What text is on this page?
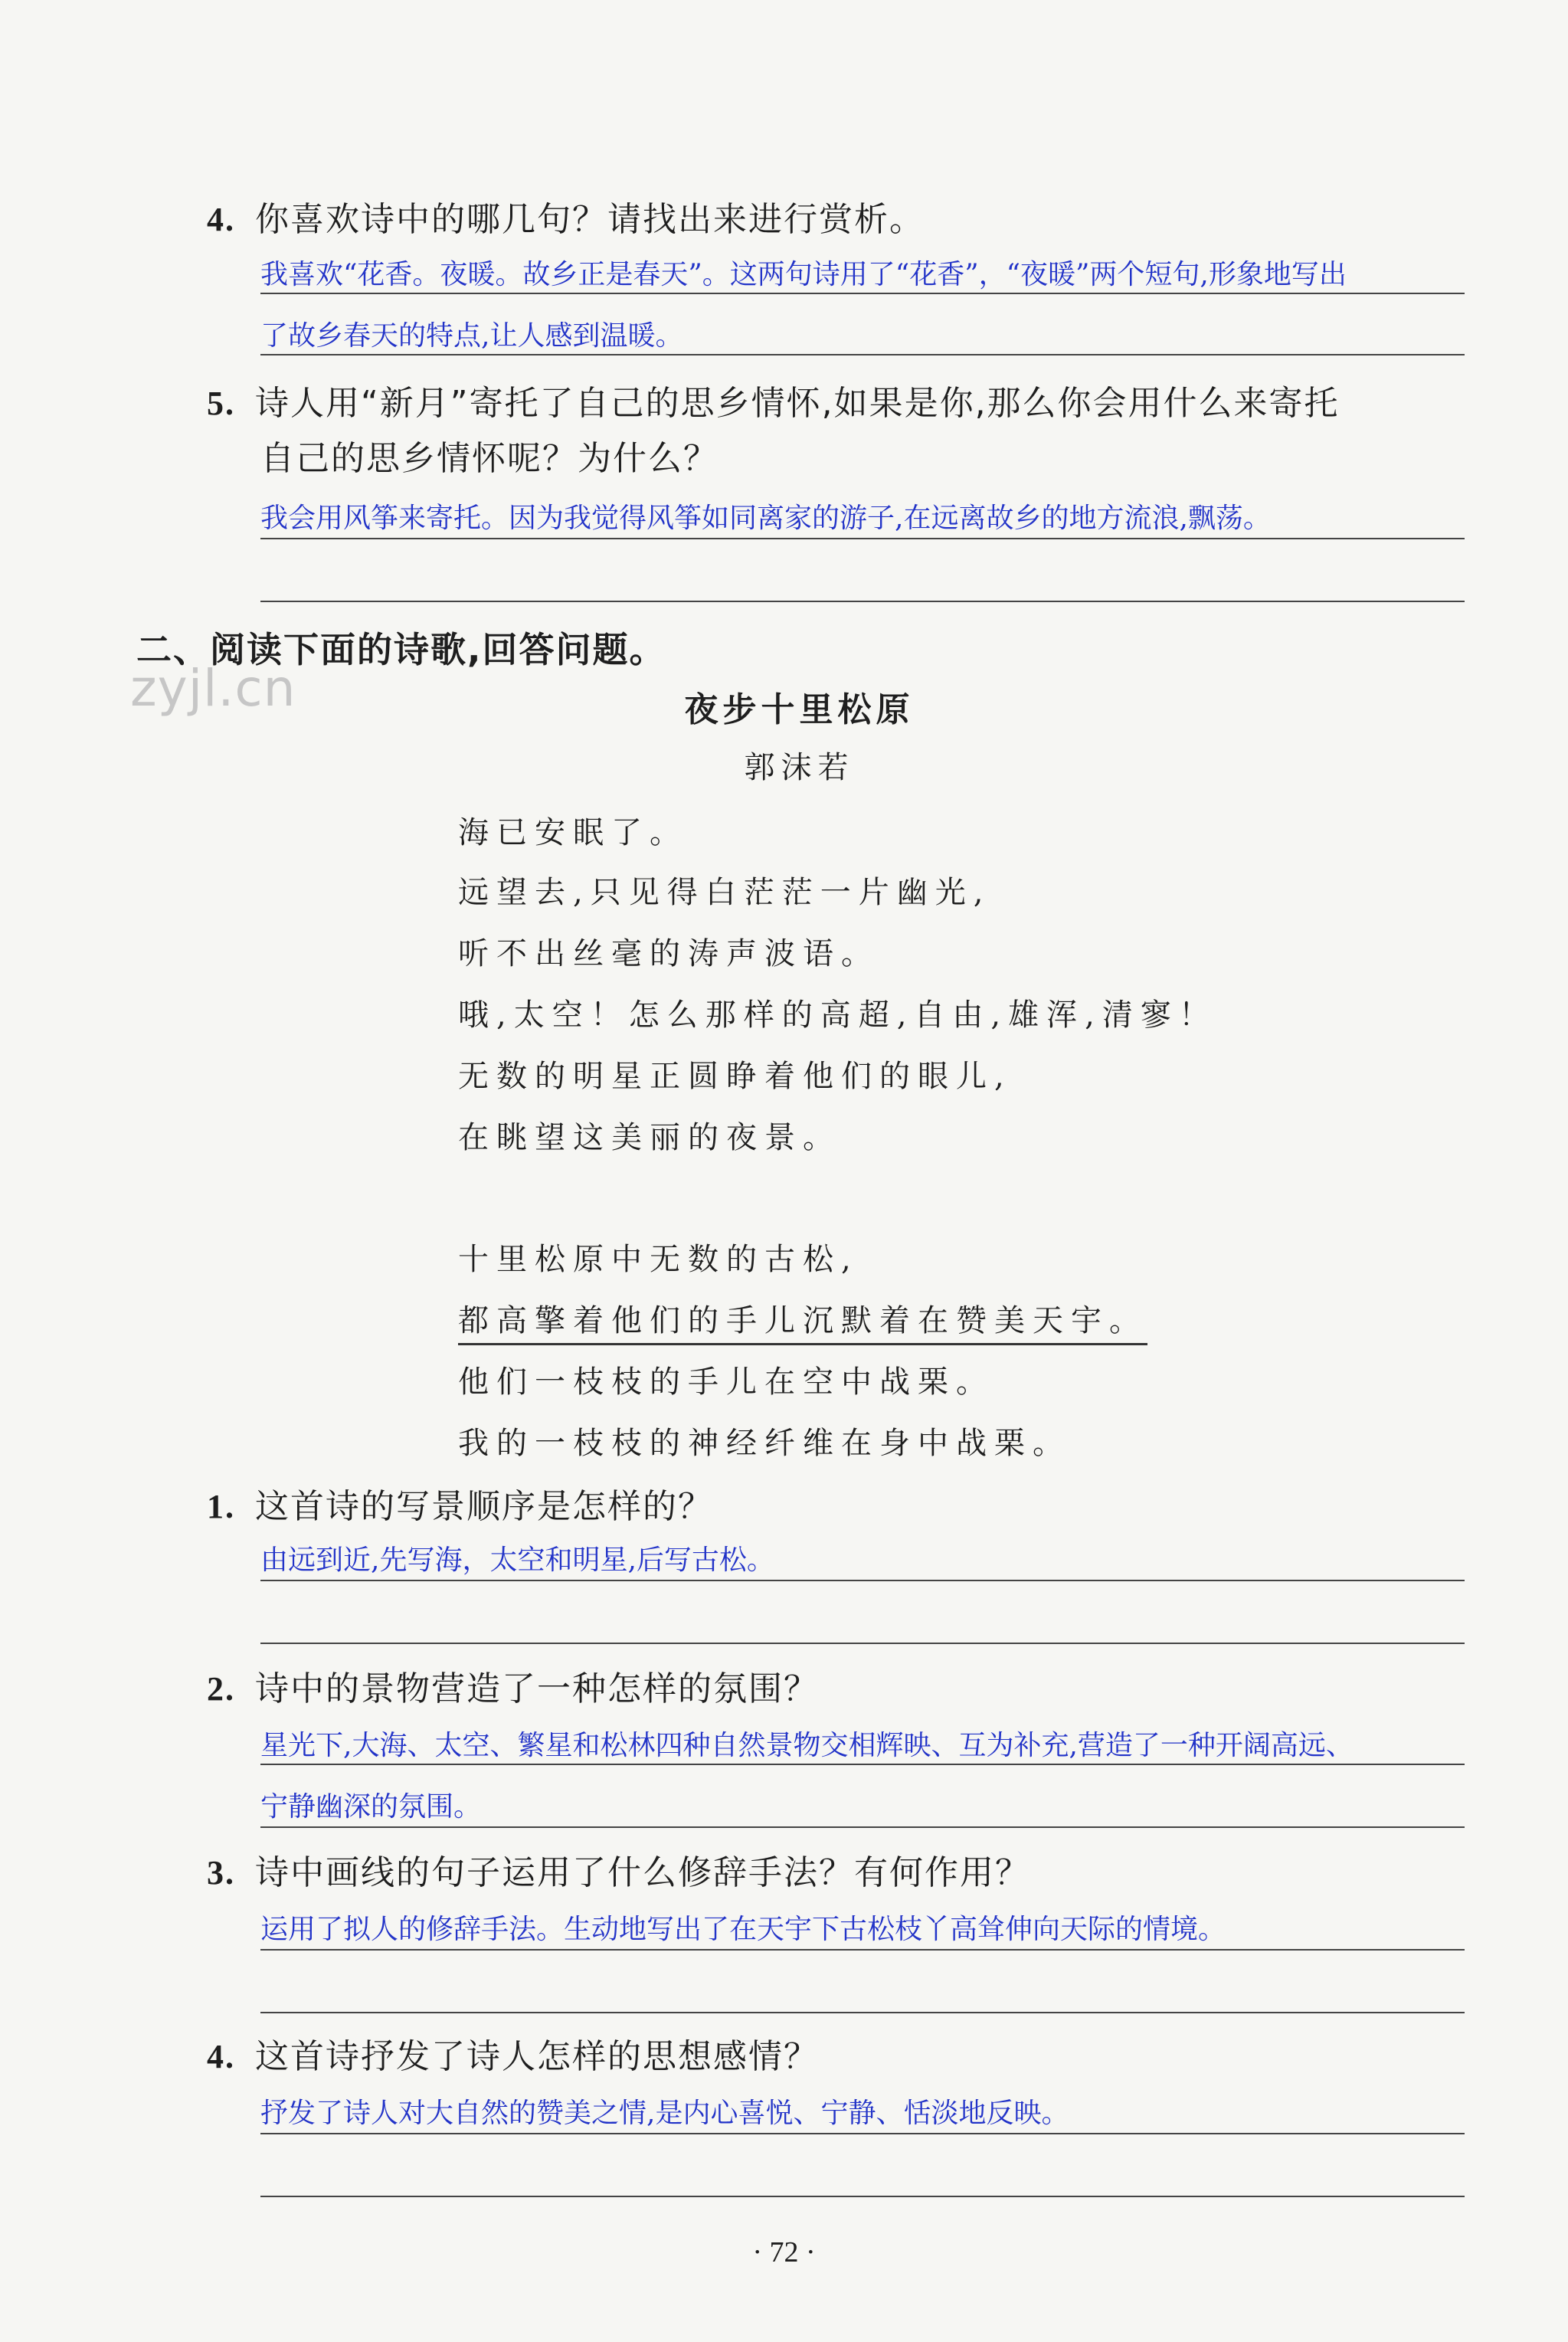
4. 你喜欢诗中的哪几句？请找出来进行赏析。
我喜欢“花香。夜暖。故乡正是春天”。这两句诗用了“花香”，“夜暖”两个短句,形象地写出
了故乡春天的特点,让人感到温暖。
5. 诗人用“新月”寄托了自己的思乡情怀,如果是你,那么你会用什么来寄托
自己的思乡情怀呢？为什么？
我会用风筝来寄托。因为我觉得风筝如同离家的游子,在远离故乡的地方流浪,飘荡。
二、阅读下面的诗歌,回答问题。
zyjl.cn	夜步十里松原
郭沫若
海已安眠了。
远望去,只见得白茫茫一片幽光,
听不出丝毫的涛声波语。
哦,太空！怎么那样的高超,自由,雄浑,清寥！
无数的明星正圆睁着他们的眼儿,
在眺望这美丽的夜景。
十里松原中无数的古松,
都高擎着他们的手儿沉默着在赞美天宇。
他们一枝枝的手儿在空中战栗。
我的一枝枝的神经纤维在身中战栗。
1. 这首诗的写景顺序是怎样的？
由远到近,先写海，太空和明星,后写古松。
2. 诗中的景物营造了一种怎样的氛围？
星光下,大海、太空、繁星和松林四种自然景物交相辉映、互为补充,营造了一种开阔高远、
宁静幽深的氛围。
3. 诗中画线的句子运用了什么修辞手法？有何作用？
运用了拟人的修辞手法。生动地写出了在天宇下古松枝丫高耸伸向天际的情境。
4. 这首诗抒发了诗人怎样的思想感情？
抒发了诗人对大自然的赞美之情,是内心喜悦、宁静、恬淡地反映。
· 72 ·
